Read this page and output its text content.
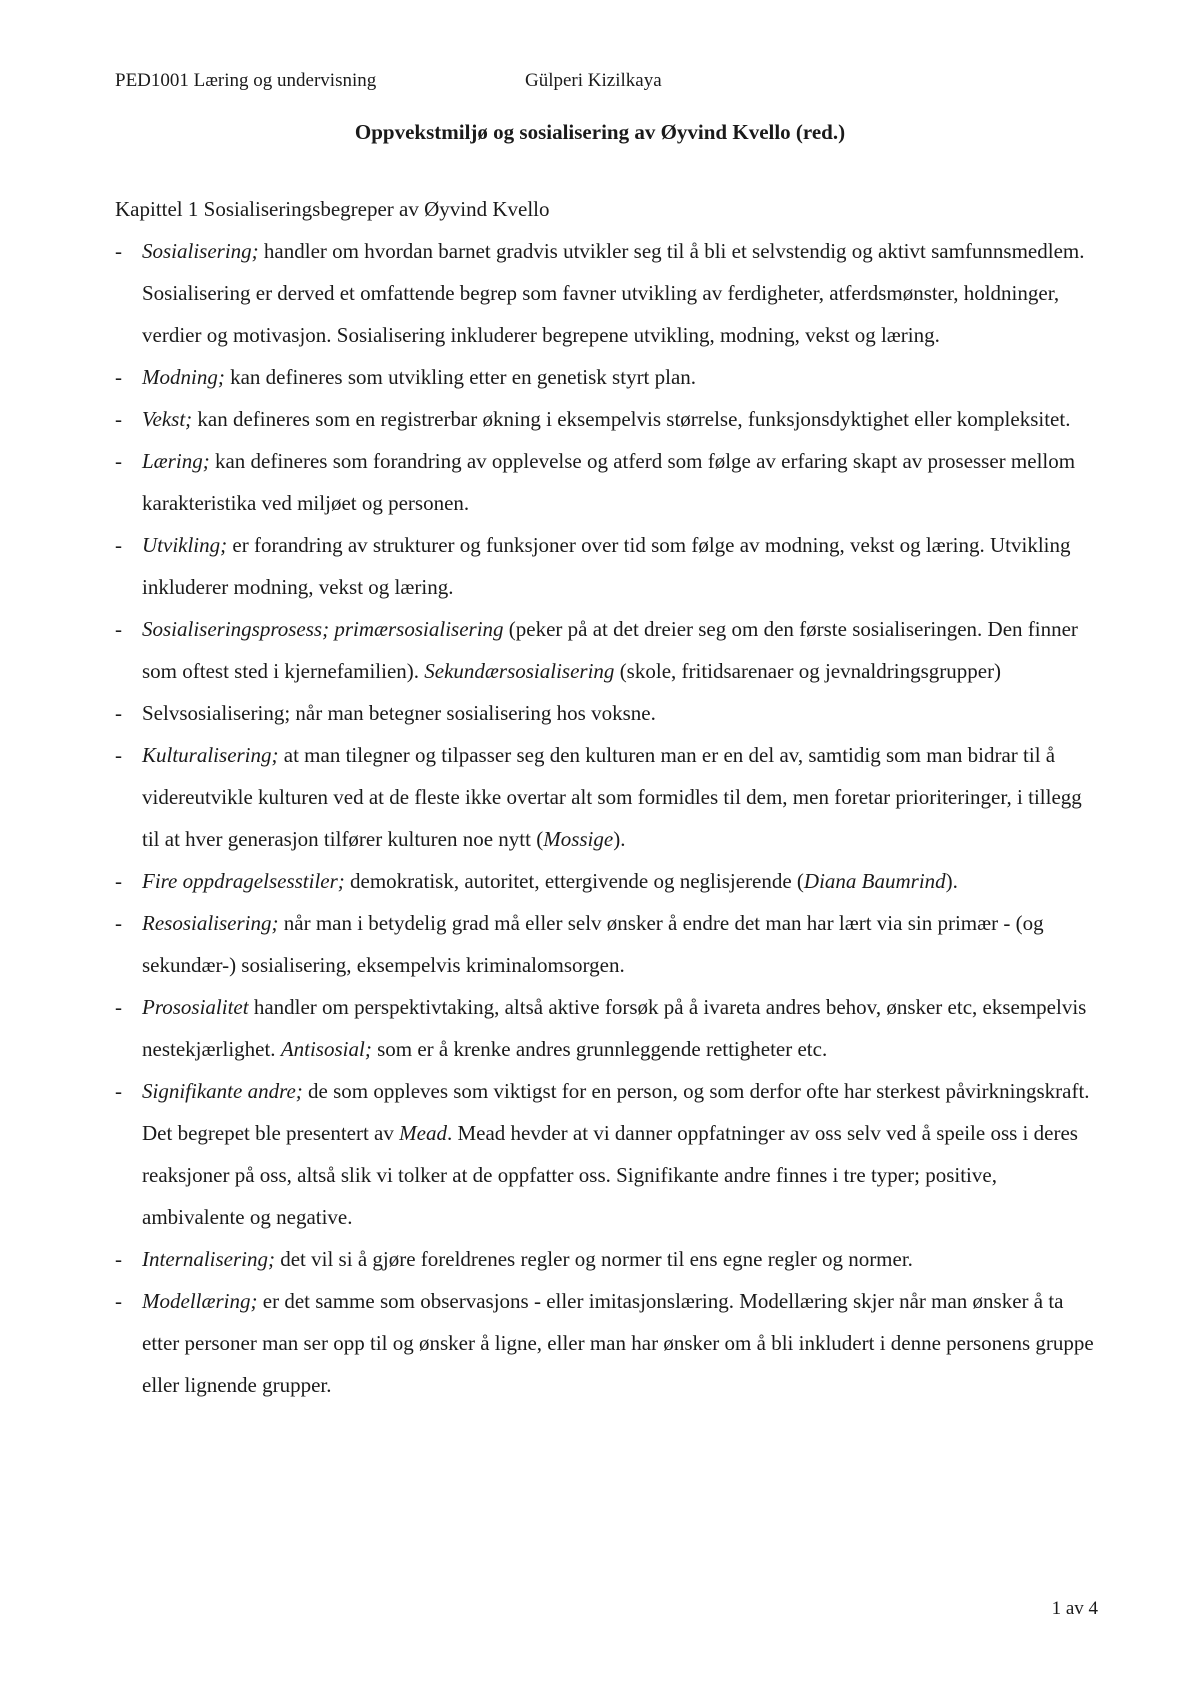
PED1001 Læring og undervisning	Gülperi Kizilkaya
Oppvekstmiljø og sosialisering av Øyvind Kvello (red.)

Kapittel 1 Sosialiseringsbegreper av Øyvind Kvello

- Sosialisering; handler om hvordan barnet gradvis utvikler seg til å bli et selvstendig og aktivt samfunnsmedlem. Sosialisering er derved et omfattende begrep som favner utvikling av ferdigheter, atferdsmønster, holdninger, verdier og motivasjon. Sosialisering inkluderer begrepene utvikling, modning, vekst og læring.
- Modning; kan defineres som utvikling etter en genetisk styrt plan.
- Vekst; kan defineres som en registrerbar økning i eksempelvis størrelse, funksjonsdyktighet eller kompleksitet.
- Læring; kan defineres som forandring av opplevelse og atferd som følge av erfaring skapt av prosesser mellom karakteristika ved miljøet og personen.
- Utvikling; er forandring av strukturer og funksjoner over tid som følge av modning, vekst og læring. Utvikling inkluderer modning, vekst og læring.
- Sosialiseringsprosess; primærsosialisering (peker på at det dreier seg om den første sosialiseringen. Den finner som oftest sted i kjernefamilien). Sekundærsosialisering (skole, fritidsarenaer og jevnaldringsgrupper)
- Selvsosialisering; når man betegner sosialisering hos voksne.
- Kulturalisering; at man tilegner og tilpasser seg den kulturen man er en del av, samtidig som man bidrar til å videreutvikle kulturen ved at de fleste ikke overtar alt som formidles til dem, men foretar prioriteringer, i tillegg til at hver generasjon tilfører kulturen noe nytt (Mossige).
- Fire oppdragelsesstiler; demokratisk, autoritet, ettergivende og neglisjerende (Diana Baumrind).
- Resosialisering; når man i betydelig grad må eller selv ønsker å endre det man har lært via sin primær - (og sekundær-) sosialisering, eksempelvis kriminalomsorgen.
- Prososialitet handler om perspektivtaking, altså aktive forsøk på å ivareta andres behov, ønsker etc, eksempelvis nestekjærlighet. Antisosial; som er å krenke andres grunnleggende rettigheter etc.
- Signifikante andre; de som oppleves som viktigst for en person, og som derfor ofte har sterkest påvirkningskraft. Det begrepet ble presentert av Mead. Mead hevder at vi danner oppfatninger av oss selv ved å speile oss i deres reaksjoner på oss, altså slik vi tolker at de oppfatter oss. Signifikante andre finnes i tre typer; positive, ambivalente og negative.
- Internalisering; det vil si å gjøre foreldrenes regler og normer til ens egne regler og normer.
- Modellæring; er det samme som observasjons - eller imitasjonslæring. Modellæring skjer når man ønsker å ta etter personer man ser opp til og ønsker å ligne, eller man har ønsker om å bli inkludert i denne personens gruppe eller lignende grupper.
1 av 4
